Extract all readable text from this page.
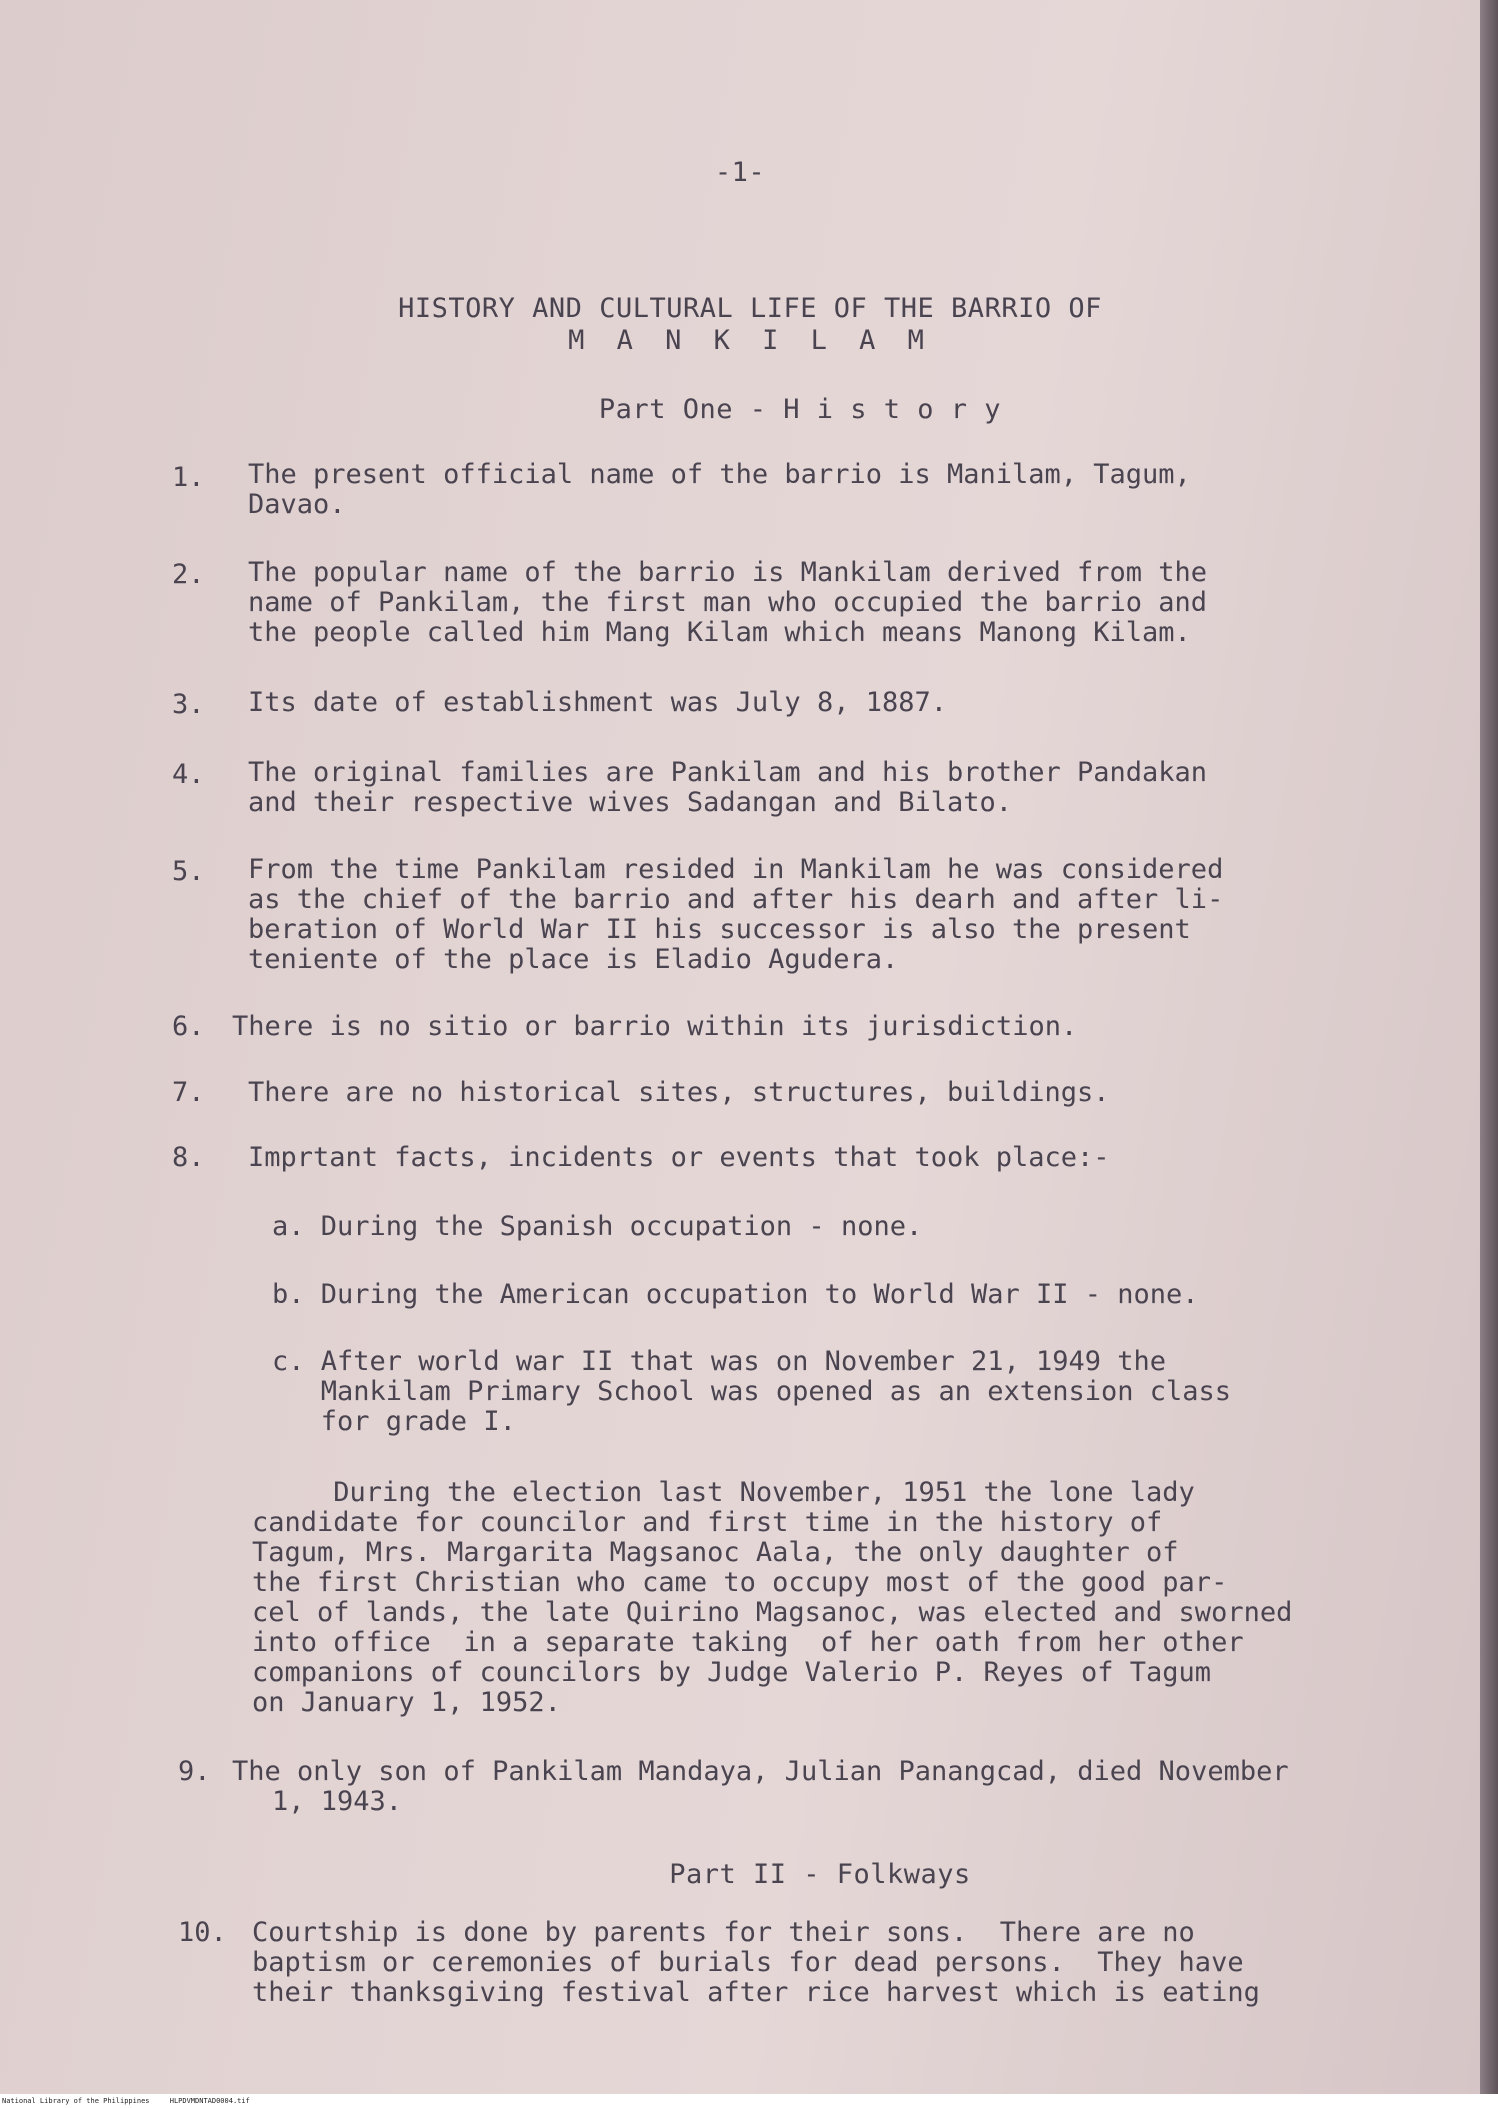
-1-
HISTORY AND CULTURAL LIFE OF THE BARRIO OF
M A N K I L A M
Part One - H i s t o r y
1. The present official name of the barrio is Manilam, Tagum,
Davao.
2. The popular name of the barrio is Mankilam derived from the
name of Pankilam, the first man who occupied the barrio and
the people called him Mang Kilam which means Manong Kilam.
3. Its date of establishment was July 8, 1887.
4. The original families are Pankilam and his brother Pandakan
and their respective wives Sadangan and Bilato.
5. From the time Pankilam resided in Mankilam he was considered
as the chief of the barrio and after his dearh and after li-
beration of World War II his successor is also the present
teniente of the place is Eladio Agudera.
6. There is no sitio or barrio within its jurisdiction.
7. There are no historical sites, structures, buildings.
8. Imprtant facts, incidents or events that took place:-
a. During the Spanish occupation - none.
b. During the American occupation to World War II - none.
c. After world war II that was on November 21, 1949 the
Mankilam Primary School was opened as an extension class
for grade I.
During the election last November, 1951 the lone lady
candidate for councilor and first time in the history of
Tagum, Mrs. Margarita Magsanoc Aala, the only daughter of
the first Christian who came to occupy most of the good par-
cel of lands, the late Quirino Magsanoc, was elected and sworned
into office  in a separate taking  of her oath from her other
companions of councilors by Judge Valerio P. Reyes of Tagum
on January 1, 1952.
9. The only son of Pankilam Mandaya, Julian Panangcad, died November
1, 1943.
Part II - Folkways
10. Courtship is done by parents for their sons.  There are no
baptism or ceremonies of burials for dead persons.  They have
their thanksgiving festival after rice harvest which is eating
National Library of the Philippines	HLPDVMDNTAD0004.tif
